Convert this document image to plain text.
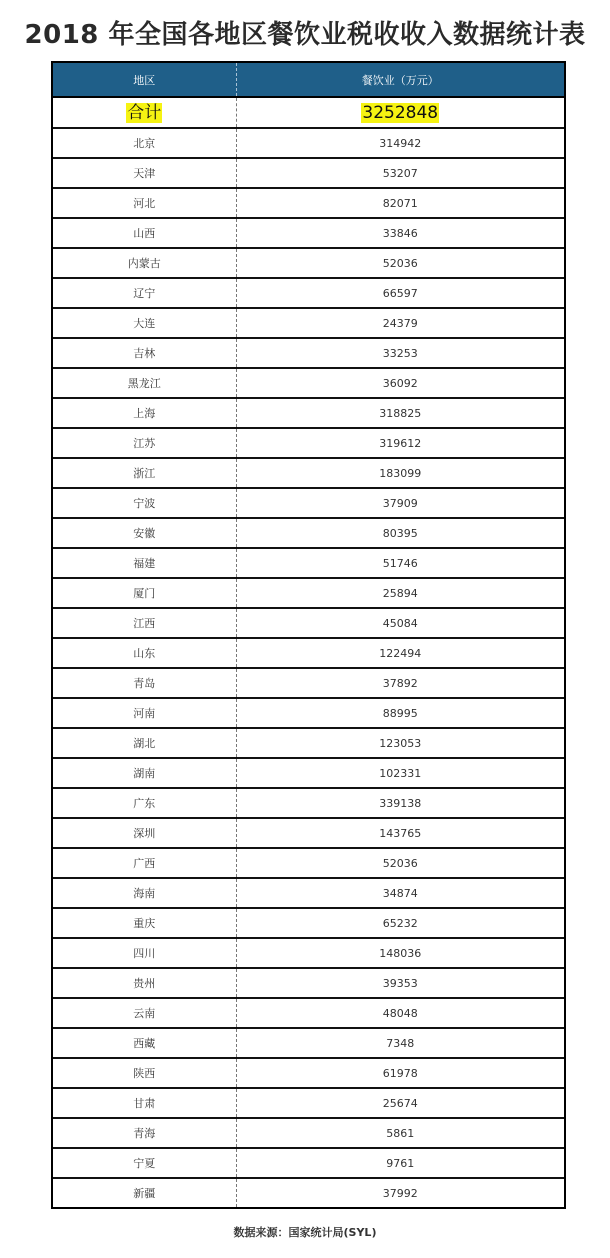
2018 年全国各地区餐饮业税收收入数据统计表
地区	餐饮业（万元）
合计	3252848
北京	314942
天津	53207
河北	82071
山西	33846
内蒙古	52036
辽宁	66597
大连	24379
吉林	33253
黑龙江	36092
上海	318825
江苏	319612
浙江	183099
宁波	37909
安徽	80395
福建	51746
厦门	25894
江西	45084
山东	122494
青岛	37892
河南	88995
湖北	123053
湖南	102331
广东	339138
深圳	143765
广西	52036
海南	34874
重庆	65232
四川	148036
贵州	39353
云南	48048
西藏	7348
陕西	61978
甘肃	25674
青海	5861
宁夏	9761
新疆	37992
数据来源：国家统计局(SYL)
